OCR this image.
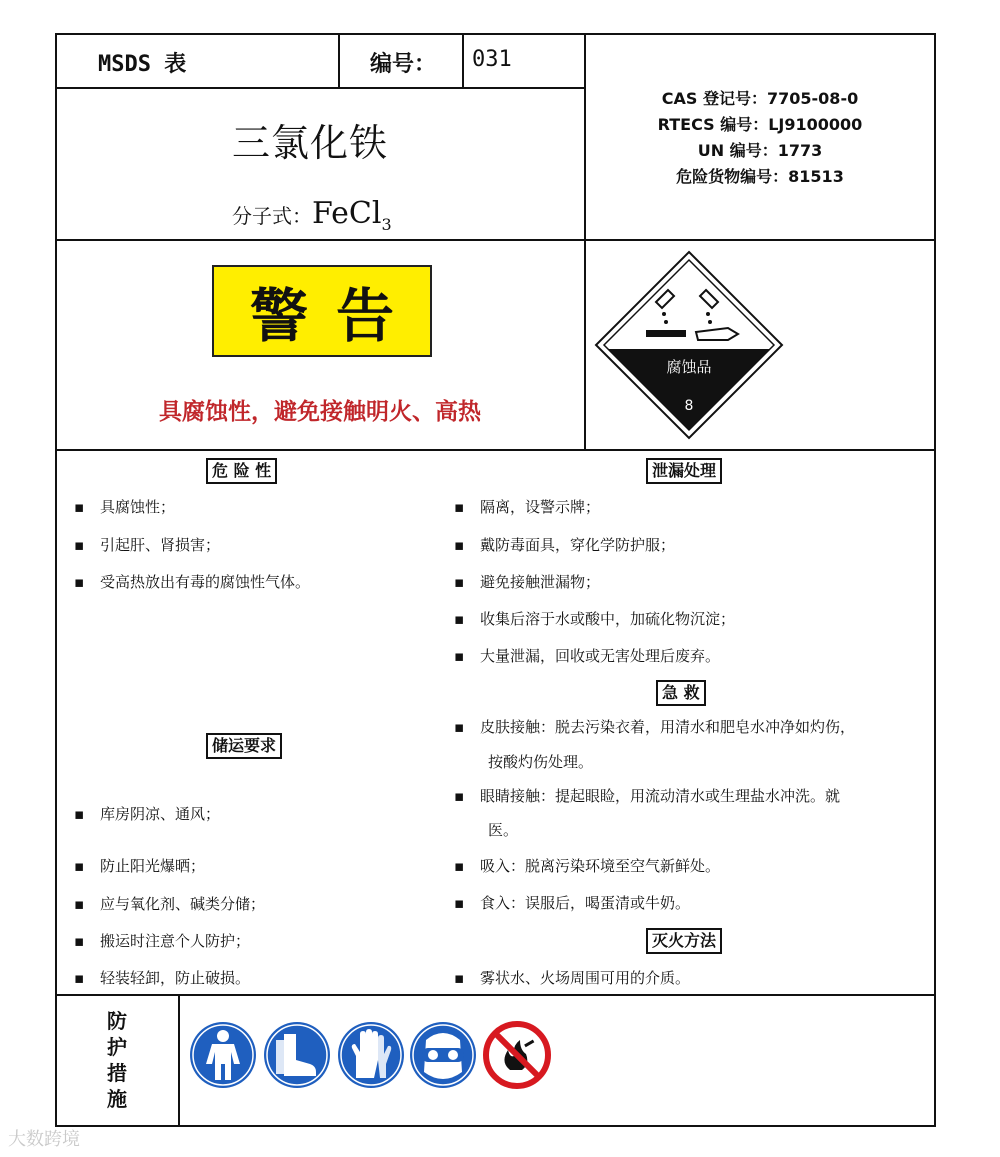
MSDS 表	编号： 031
三氯化铁
分子式：FeCl$_3$
CAS 登记号：7705-08-0
RTECS 编号：LJ9100000
UN 编号：1773
危险货物编号：81513
警告
具腐蚀性，避免接触明火、高热
腐蚀品
8
危 险 性
储运要求
泄漏处理
急 救
灭火方法
▪ 具腐蚀性；
▪ 引起肝、肾损害；
▪ 受高热放出有毒的腐蚀性气体。
▪ 库房阴凉、通风；
▪ 防止阳光爆晒；
▪ 应与氧化剂、碱类分储；
▪ 搬运时注意个人防护；
▪ 轻装轻卸，防止破损。
▪ 隔离，设警示牌；
▪ 戴防毒面具，穿化学防护服；
▪ 避免接触泄漏物；
▪ 收集后溶于水或酸中，加硫化物沉淀；
▪ 大量泄漏，回收或无害处理后废弃。
▪ 皮肤接触：脱去污染衣着，用清水和肥皂水冲净如灼伤，
按酸灼伤处理。
▪ 眼睛接触：提起眼睑，用流动清水或生理盐水冲洗。就
医。
▪ 吸入：脱离污染环境至空气新鲜处。
▪ 食入：误服后，喝蛋清或牛奶。
▪ 雾状水、火场周围可用的介质。
防
护
措
施
大数跨境
